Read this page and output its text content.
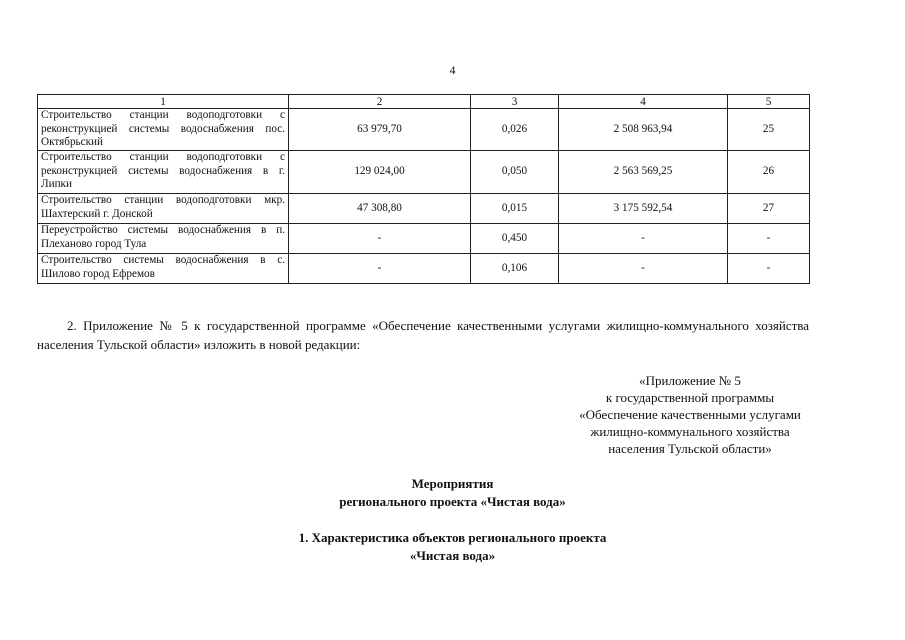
4
1	2	3	4	5
Строительство станции водоподготовки с реконструкцией системы водоснабжения пос. Октябрьский	63 979,70	0,026	2 508 963,94	25
Строительство станции водоподготовки с реконструкцией системы водоснабжения в г. Липки	129 024,00	0,050	2 563 569,25	26
Строительство станции водоподготовки мкр. Шахтерский г. Донской	47 308,80	0,015	3 175 592,54	27
Переустройство системы водоснабжения в п. Плеханово город Тула	-	0,450	-	-
Строительство системы водоснабжения в с. Шилово город Ефремов	-	0,106	-	-

2. Приложение № 5 к государственной программе «Обеспечение качественными услугами жилищно-коммунального хозяйства населения Тульской области» изложить в новой редакции:

«Приложение № 5
к государственной программы
«Обеспечение качественными услугами
жилищно-коммунального хозяйства
населения Тульской области»
Мероприятия
регионального проекта «Чистая вода»
1. Характеристика объектов регионального проекта
«Чистая вода»
